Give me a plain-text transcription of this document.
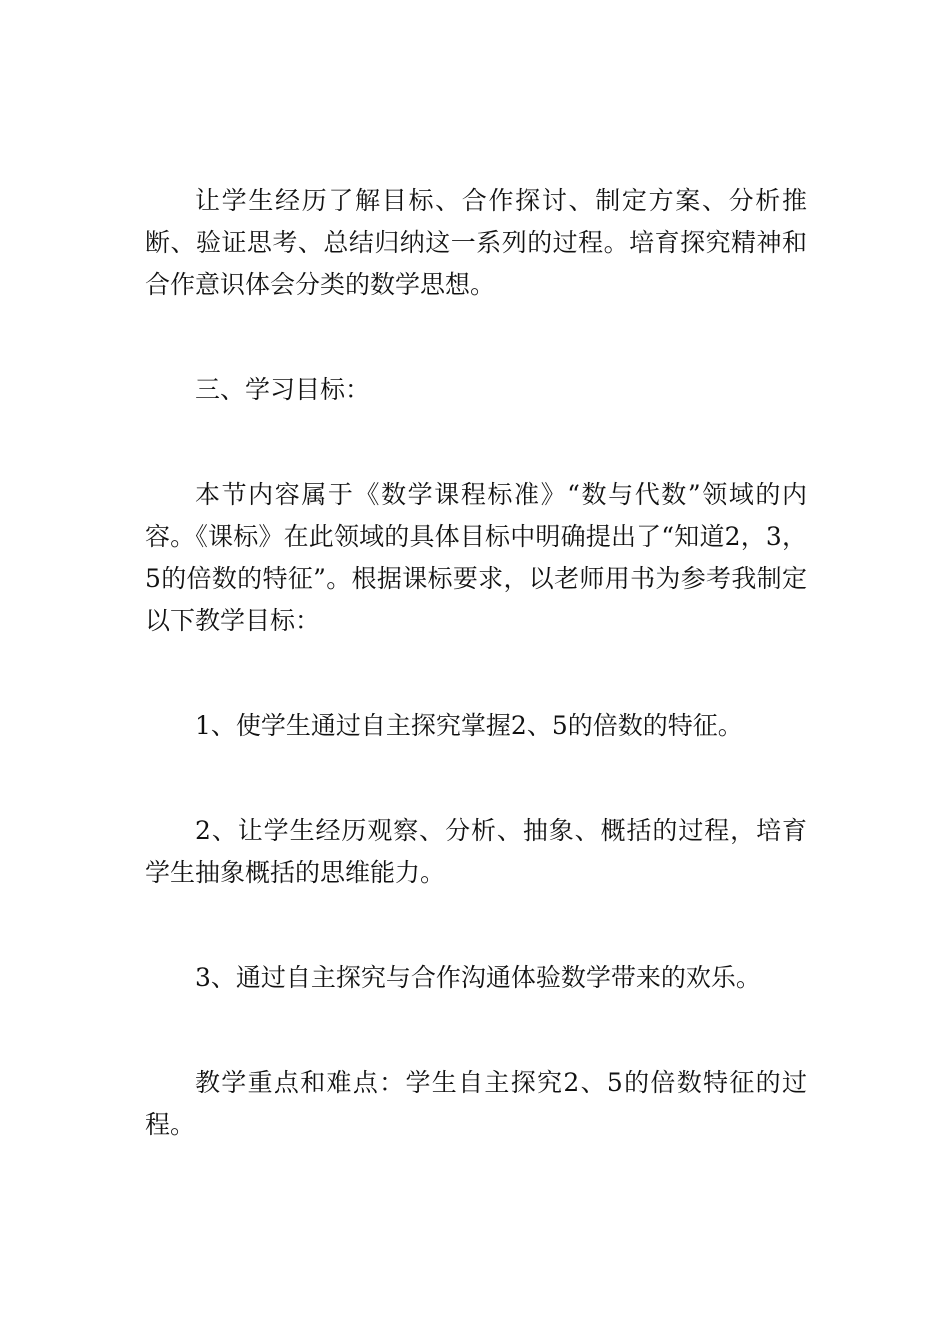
让学生经历了解目标、合作探讨、制定方案、分析推断、验证思考、总结归纳这一系列的过程。培育探究精神和合作意识体会分类的数学思想。

三、学习目标：

本节内容属于《数学课程标准》“数与代数”领域的内容。《课标》在此领域的具体目标中明确提出了“知道2，3，5的倍数的特征”。根据课标要求，以老师用书为参考我制定以下教学目标：

1、使学生通过自主探究掌握2、5的倍数的特征。

2、让学生经历观察、分析、抽象、概括的过程，培育学生抽象概括的思维能力。

3、通过自主探究与合作沟通体验数学带来的欢乐。

教学重点和难点：学生自主探究2、5的倍数特征的过程。
